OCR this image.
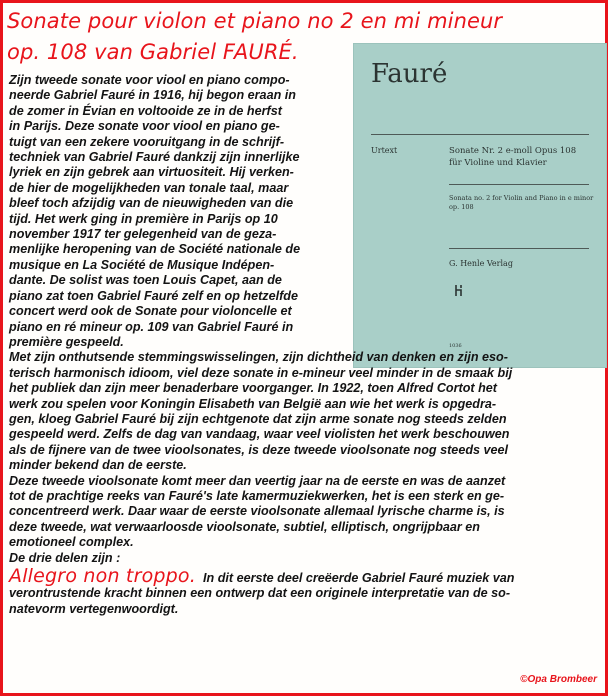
Sonate pour violon et piano no 2 en mi mineur
op. 108 van Gabriel FAURÉ.
Fauré
Urtext	Sonate Nr. 2 e-moll Opus 108
für Violine und Klavier
Sonata no. 2 for Violin and Piano in e minor
op. 108
G. Henle Verlag
1036
Zijn tweede sonate voor viool en piano compo-
neerde Gabriel Fauré in 1916, hij begon eraan in
de zomer in Évian en voltooide ze in de herfst
in Parijs. Deze sonate voor viool en piano ge-
tuigt van een zekere vooruitgang in de schrijf-
techniek van Gabriel Fauré dankzij zijn innerlijke
lyriek en zijn gebrek aan virtuositeit. Hij verken-
de hier de mogelijkheden van tonale taal, maar
bleef toch afzijdig van de nieuwigheden van die
tijd. Het werk ging in première in Parijs op 10
november 1917 ter gelegenheid van de geza-
menlijke heropening van de Société nationale de
musique en La Société de Musique Indépen-
dante. De solist was toen Louis Capet, aan de
piano zat toen Gabriel Fauré zelf en op hetzelfde
concert werd ook de Sonate pour violoncelle et
piano en ré mineur op. 109 van Gabriel Fauré in
première gespeeld.
Met zijn onthutsende stemmingswisselingen, zijn dichtheid van denken en zijn eso-
terisch harmonisch idioom, viel deze sonate in e-mineur veel minder in de smaak bij
het publiek dan zijn meer benaderbare voorganger. In 1922, toen Alfred Cortot het
werk zou spelen voor Koningin Elisabeth van België aan wie het werk is opgedra-
gen, kloeg Gabriel Fauré bij zijn echtgenote dat zijn arme sonate nog steeds zelden
gespeeld werd. Zelfs de dag van vandaag, waar veel violisten het werk beschouwen
als de fijnere van de twee vioolsonates, is deze tweede vioolsonate nog steeds veel
minder bekend dan de eerste.
Deze tweede vioolsonate komt meer dan veertig jaar na de eerste en was de aanzet
tot de prachtige reeks van Fauré's late kamermuziekwerken, het is een sterk en ge-
concentreerd werk. Daar waar de eerste vioolsonate allemaal lyrische charme is, is
deze tweede, wat verwaarloosde vioolsonate, subtiel, elliptisch, ongrijpbaar en
emotioneel complex.
De drie delen zijn :
Allegro non troppo. In dit eerste deel creëerde Gabriel Fauré muziek van
verontrustende kracht binnen een ontwerp dat een originele interpretatie van de so-
natevorm vertegenwoordigt.
©Opa Brombeer
